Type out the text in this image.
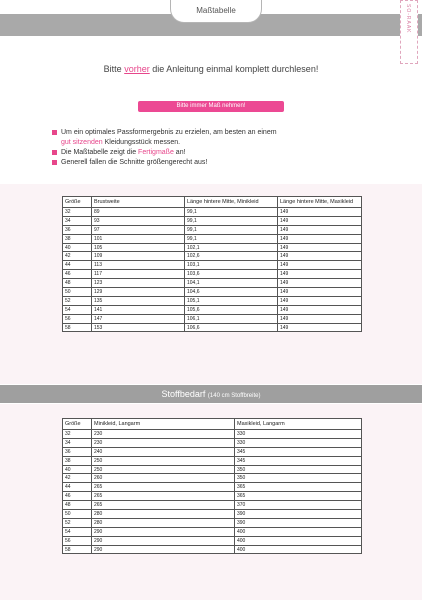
Maßtabelle	SO-RAAK
Bitte vorher die Anleitung einmal komplett durchlesen!
Bitte immer Maß nehmen!
Um ein optimales Passformergebnis zu erzielen, am besten an einem
gut sitzenden Kleidungsstück messen.
Die Maßtabelle zeigt die Fertigmaße an!
Generell fallen die Schnitte größengerecht aus!
Größe	Brustweite	Länge hintere Mitte, Minikleid	Länge hintere Mitte, Maxikleid
32	89	99,1	149
34	93	99,1	149
36	97	99,1	149
38	101	99,1	149
40	105	102,1	149
42	109	102,6	149
44	113	103,1	149
46	117	103,6	149
48	123	104,1	149
50	129	104,6	149
52	135	105,1	149
54	141	105,6	149
56	147	106,1	149
58	153	106,6	149
Stoffbedarf (140 cm Stoffbreite)
Größe	Minikleid, Langarm	Maxikleid, Langarm
32	230	330
34	230	330
36	240	345
38	250	345
40	250	350
42	260	350
44	265	365
46	265	365
48	265	370
50	280	390
52	280	390
54	290	400
56	290	400
58	290	400
